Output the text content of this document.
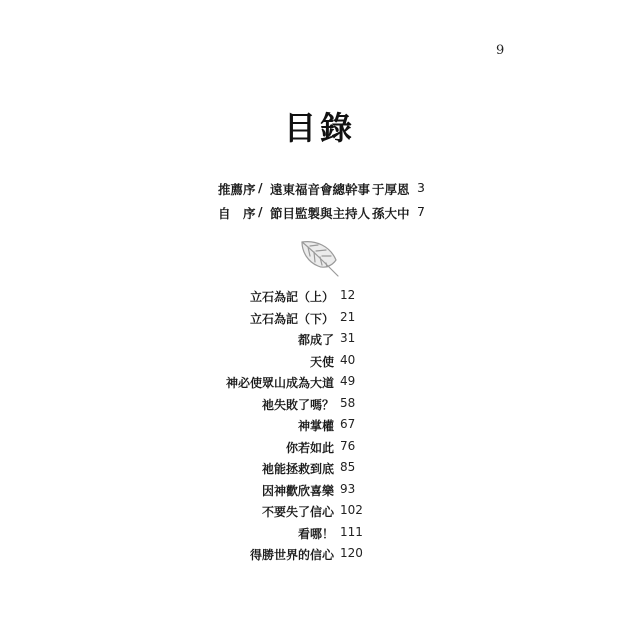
9
目錄
推薦序 / 遠東福音會總幹事 于厚恩 3
自　序 / 節目監製與主持人 孫大中 7
立石為記（上） 12
立石為記（下） 21
都成了 31
天使 40
神必使眾山成為大道 49
祂失敗了嗎？ 58
神掌權 67
你若如此 76
祂能拯救到底 85
因神歡欣喜樂 93
不要失了信心 102
看哪！ 111
得勝世界的信心 120
